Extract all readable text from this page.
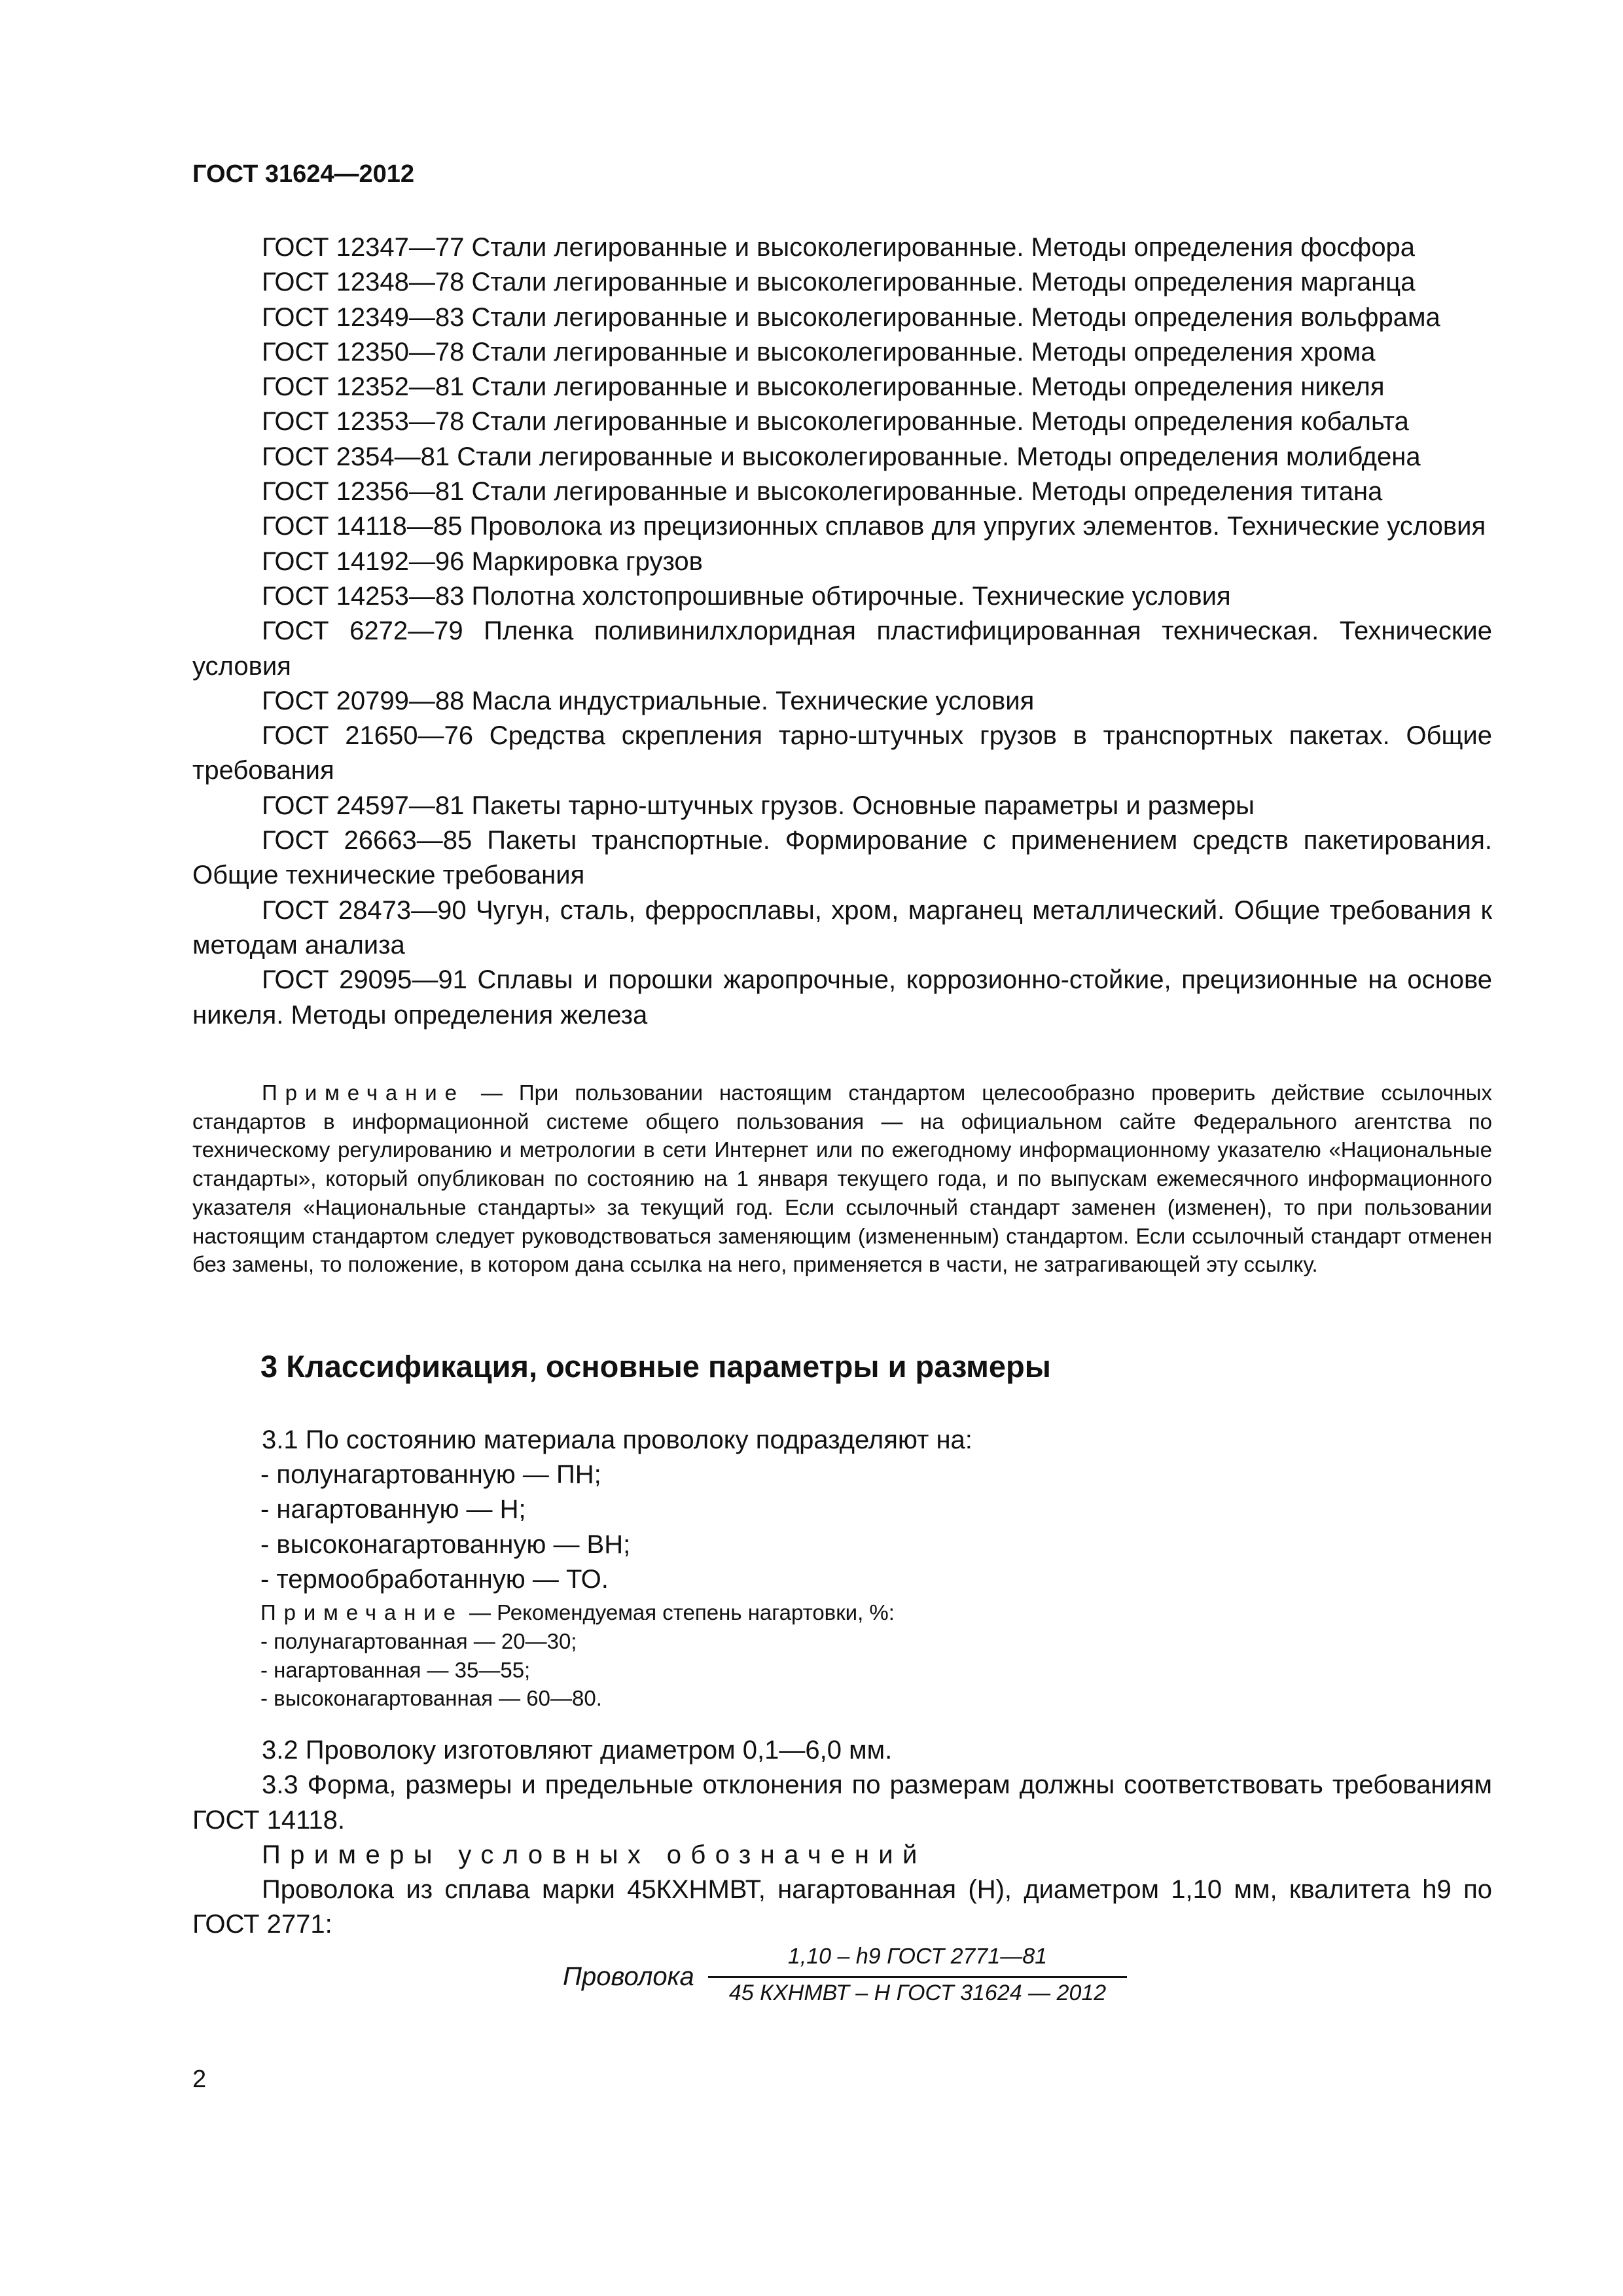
ГОСТ 31624—2012

ГОСТ 12347—77 Стали легированные и высоколегированные. Методы определения фосфора

ГОСТ 12348—78 Стали легированные и высоколегированные. Методы определения марганца

ГОСТ 12349—83 Стали легированные и высоколегированные. Методы определения вольфрама

ГОСТ 12350—78 Стали легированные и высоколегированные. Методы определения хрома

ГОСТ 12352—81 Стали легированные и высоколегированные. Методы определения никеля

ГОСТ 12353—78 Стали легированные и высоколегированные. Методы определения кобальта

ГОСТ 2354—81 Стали легированные и высоколегированные. Методы определения молибдена

ГОСТ 12356—81 Стали легированные и высоколегированные. Методы определения титана

ГОСТ 14118—85 Проволока из прецизионных сплавов для упругих элементов. Технические условия

ГОСТ 14192—96 Маркировка грузов

ГОСТ 14253—83 Полотна холстопрошивные обтирочные. Технические условия

ГОСТ 6272—79 Пленка поливинилхлоридная пластифицированная техническая. Технические условия

ГОСТ 20799—88 Масла индустриальные. Технические условия

ГОСТ 21650—76 Средства скрепления тарно-штучных грузов в транспортных пакетах. Общие требования

ГОСТ 24597—81 Пакеты тарно-штучных грузов. Основные параметры и размеры

ГОСТ 26663—85 Пакеты транспортные. Формирование с применением средств пакетирования. Общие технические требования

ГОСТ 28473—90 Чугун, сталь, ферросплавы, хром, марганец металлический. Общие требования к методам анализа

ГОСТ 29095—91 Сплавы и порошки жаропрочные, коррозионно-стойкие, прецизионные на основе никеля. Методы определения железа

Примечание — При пользовании настоящим стандартом целесообразно проверить действие ссылочных стандартов в информационной системе общего пользования — на официальном сайте Федерального агентства по техническому регулированию и метрологии в сети Интернет или по ежегодному информационному указателю «Национальные стандарты», который опубликован по состоянию на 1 января текущего года, и по выпускам ежемесячного информационного указателя «Национальные стандарты» за текущий год. Если ссылочный стандарт заменен (изменен), то при пользовании настоящим стандартом следует руководствоваться заменяющим (измененным) стандартом. Если ссылочный стандарт отменен без замены, то положение, в котором дана ссылка на него, применяется в части, не затрагивающей эту ссылку.

3 Классификация, основные параметры и размеры
3.1 По состоянию материала проволоку подразделяют на:
- полунагартованную — ПН;
- нагартованную — Н;
- высоконагартованную — ВН;
- термообработанную — ТО.
Примечание — Рекомендуемая степень нагартовки, %:
- полунагартованная — 20—30;
- нагартованная — 35—55;
- высоконагартованная — 60—80.

3.2 Проволоку изготовляют диаметром 0,1—6,0 мм.

3.3 Форма, размеры и предельные отклонения по размерам должны соответствовать требованиям ГОСТ 14118.

Примеры условных обозначений

Проволока из сплава марки 45КХНМВТ, нагартованная (Н), диаметром 1,10 мм, квалитета h9 по ГОСТ 2771:

Проволока
1,10 – h9 ГОСТ 2771—81
45 КХНМВТ – Н ГОСТ 31624 — 2012
2
